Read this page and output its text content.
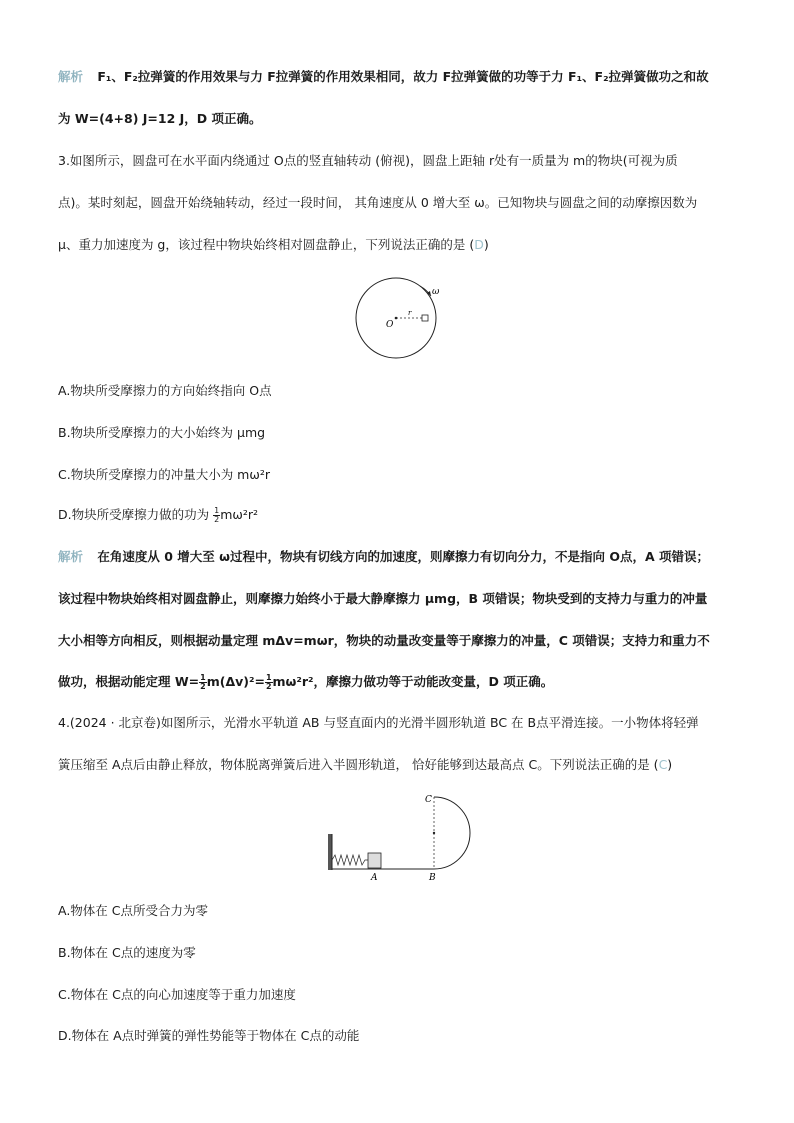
解析 F₁、F₂拉弹簧的作用效果与力 F拉弹簧的作用效果相同，故力 F拉弹簧做的功等于力 F₁、F₂拉弹簧做功之和故
为 W=(4+8) J=12 J，D 项正确。
3.如图所示，圆盘可在水平面内绕通过 O点的竖直轴转动 (俯视)，圆盘上距轴 r处有一质量为 m的物块(可视为质
点)。某时刻起，圆盘开始绕轴转动，经过一段时间， 其角速度从 0 增大至 ω。已知物块与圆盘之间的动摩擦因数为
μ、重力加速度为 g，该过程中物块始终相对圆盘静止，下列说法正确的是 (D)
O
r
ω
A.物块所受摩擦力的方向始终指向 O点
B.物块所受摩擦力的大小始终为 μmg
C.物块所受摩擦力的冲量大小为 mω²r
D.物块所受摩擦力做的功为 $\frac{1}{2} m\omega^2r^2$
解析 在角速度从 0 增大至 ω过程中，物块有切线方向的加速度，则摩擦力有切向分力，不是指向 O点，A 项错误；
该过程中物块始终相对圆盘静止，则摩擦力始终小于最大静摩擦力 μmg，B 项错误；物块受到的支持力与重力的冲量
大小相等方向相反，则根据动量定理 mΔv=mωr，物块的动量改变量等于摩擦力的冲量，C 项错误；支持力和重力不
做功，根据动能定理 $W= \frac{1}{2} m(\Delta v)^2= \frac{1}{2} m\omega^2r^2$，摩擦力做功等于动能改变量，D 项正确。
4.(2024 · 北京卷)如图所示，光滑水平轨道 AB 与竖直面内的光滑半圆形轨道 BC 在 B点平滑连接。一小物体将轻弹
簧压缩至 A点后由静止释放，物体脱离弹簧后进入半圆形轨道， 恰好能够到达最高点 C。下列说法正确的是 (C)
A	B
C
A.物体在 C点所受合力为零
B.物体在 C点的速度为零
C.物体在 C点的向心加速度等于重力加速度
D.物体在 A点时弹簧的弹性势能等于物体在 C点的动能
